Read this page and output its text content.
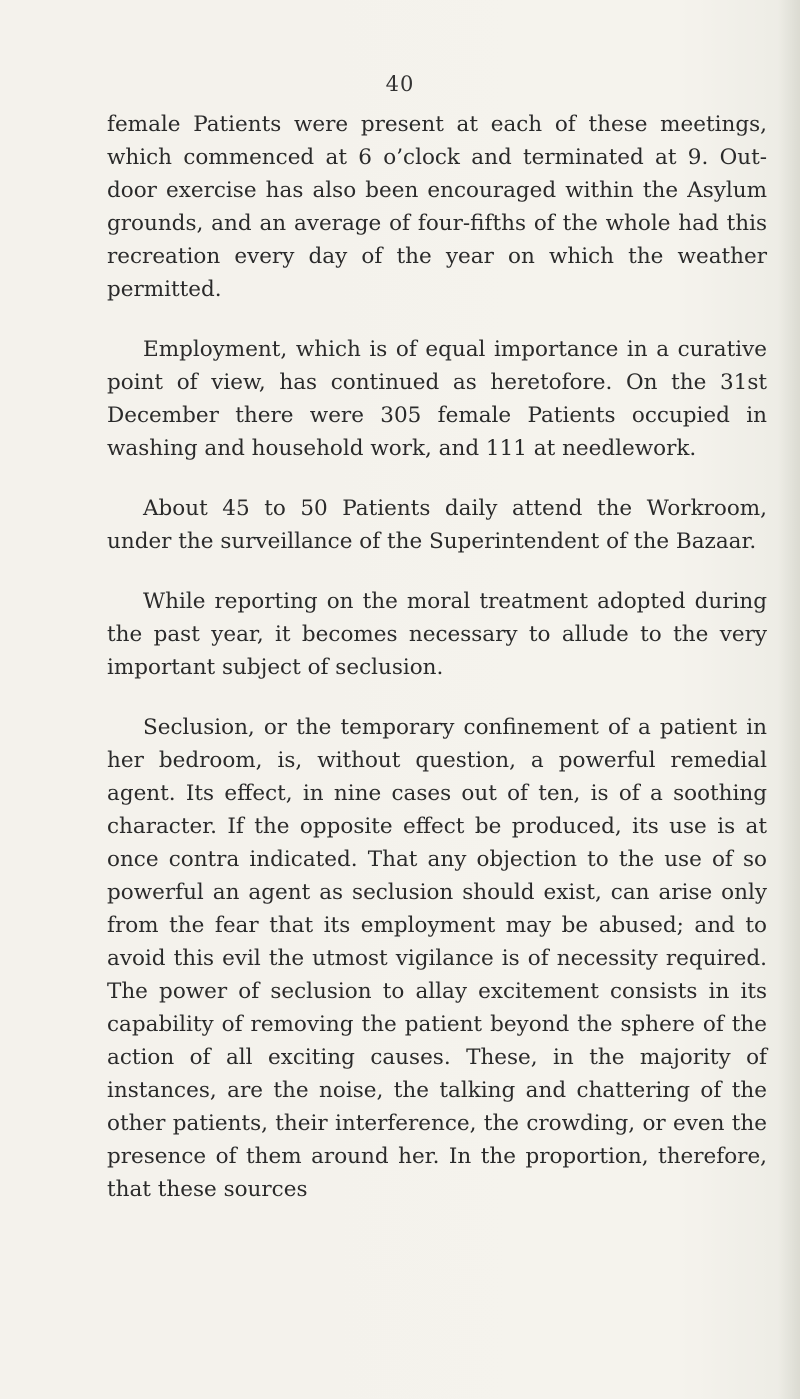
40

female Patients were present at each of these meetings, which commenced at 6 o’clock and terminated at 9. Out-door exercise has also been encouraged within the Asylum grounds, and an average of four-fifths of the whole had this recreation every day of the year on which the weather permitted.

Employment, which is of equal importance in a curative point of view, has continued as heretofore. On the 31st December there were 305 female Patients occupied in washing and household work, and 111 at needlework.

About 45 to 50 Patients daily attend the Workroom, under the surveillance of the Superintendent of the Bazaar.

While reporting on the moral treatment adopted during the past year, it becomes necessary to allude to the very important subject of seclusion.

Seclusion, or the temporary confinement of a patient in her bedroom, is, without question, a powerful remedial agent. Its effect, in nine cases out of ten, is of a soothing character. If the opposite effect be produced, its use is at once contra indicated. That any objection to the use of so powerful an agent as seclusion should exist, can arise only from the fear that its employment may be abused; and to avoid this evil the utmost vigilance is of necessity required. The power of seclusion to allay excitement consists in its capability of removing the patient beyond the sphere of the action of all exciting causes. These, in the majority of instances, are the noise, the talking and chattering of the other patients, their interference, the crowding, or even the presence of them around her. In the proportion, therefore, that these sources
